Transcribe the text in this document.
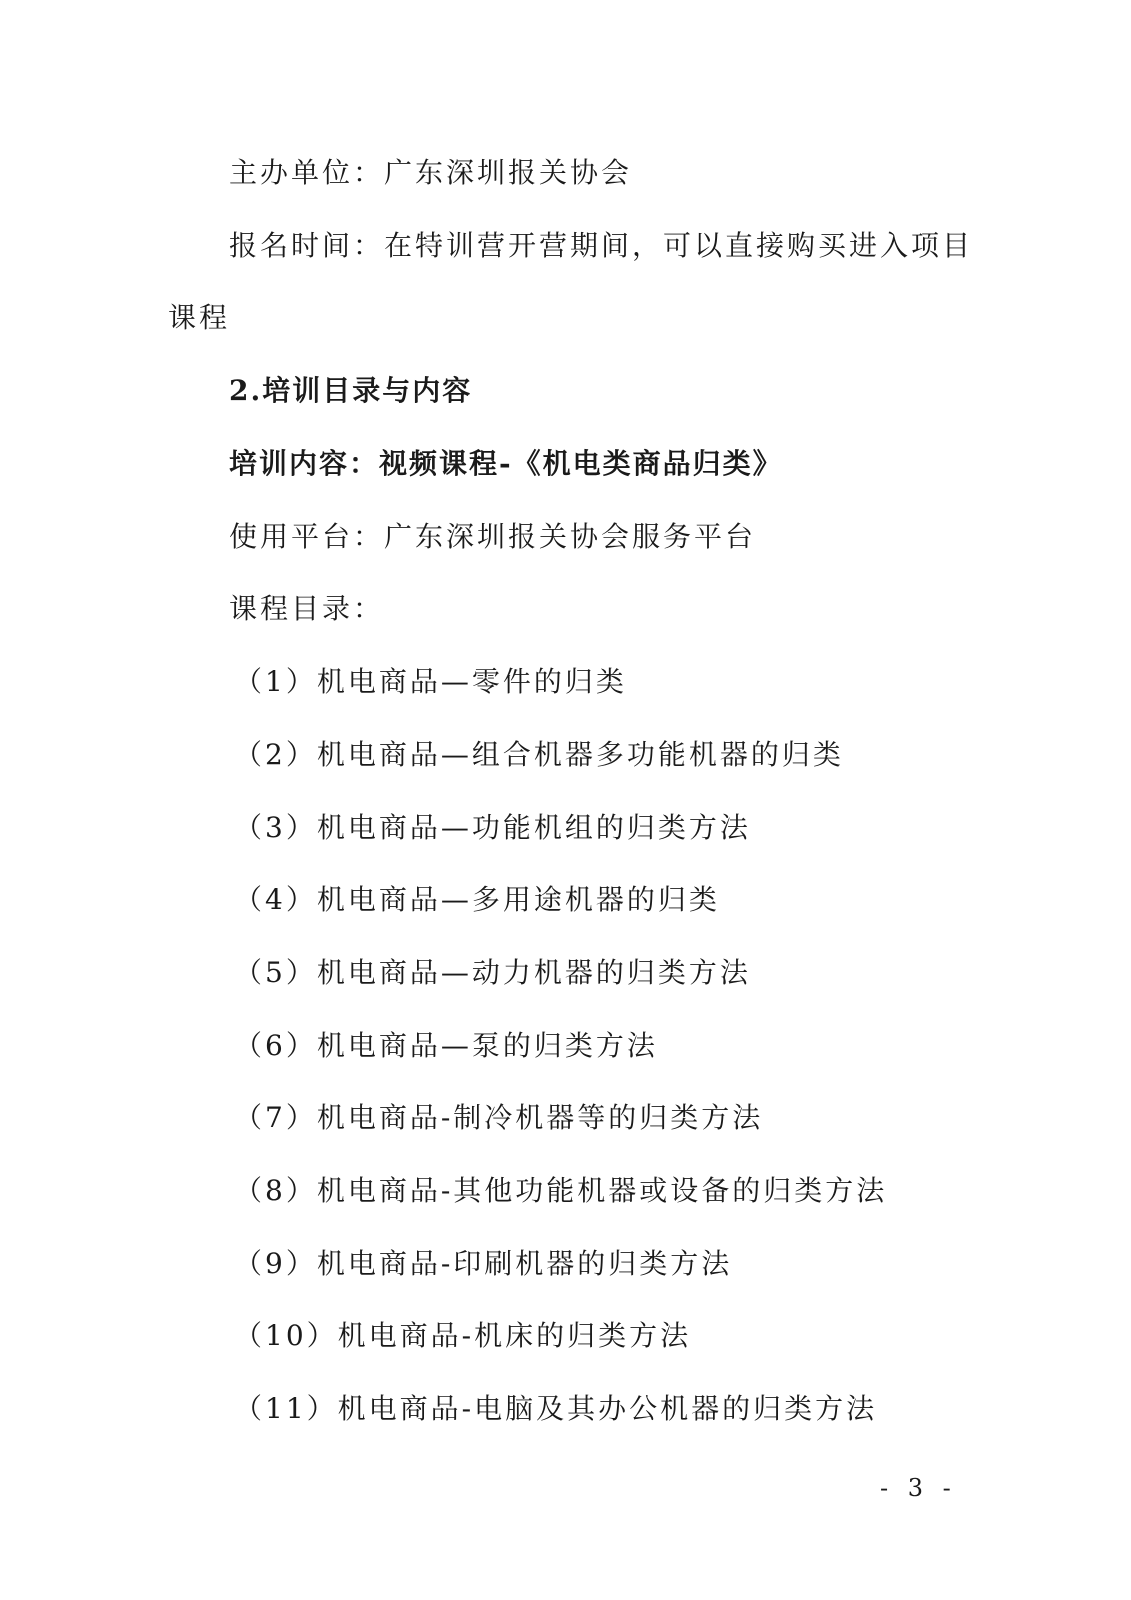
主办单位：广东深圳报关协会
报名时间：在特训营开营期间，可以直接购买进入项目
课程
2.培训目录与内容
培训内容：视频课程-《机电类商品归类》
使用平台：广东深圳报关协会服务平台
课程目录：
（1）机电商品—零件的归类
（2）机电商品—组合机器多功能机器的归类
（3）机电商品—功能机组的归类方法
（4）机电商品—多用途机器的归类
（5）机电商品—动力机器的归类方法
（6）机电商品—泵的归类方法
（7）机电商品-制冷机器等的归类方法
（8）机电商品-其他功能机器或设备的归类方法
（9）机电商品-印刷机器的归类方法
（10）机电商品-机床的归类方法
（11）机电商品-电脑及其办公机器的归类方法
- 3 -
